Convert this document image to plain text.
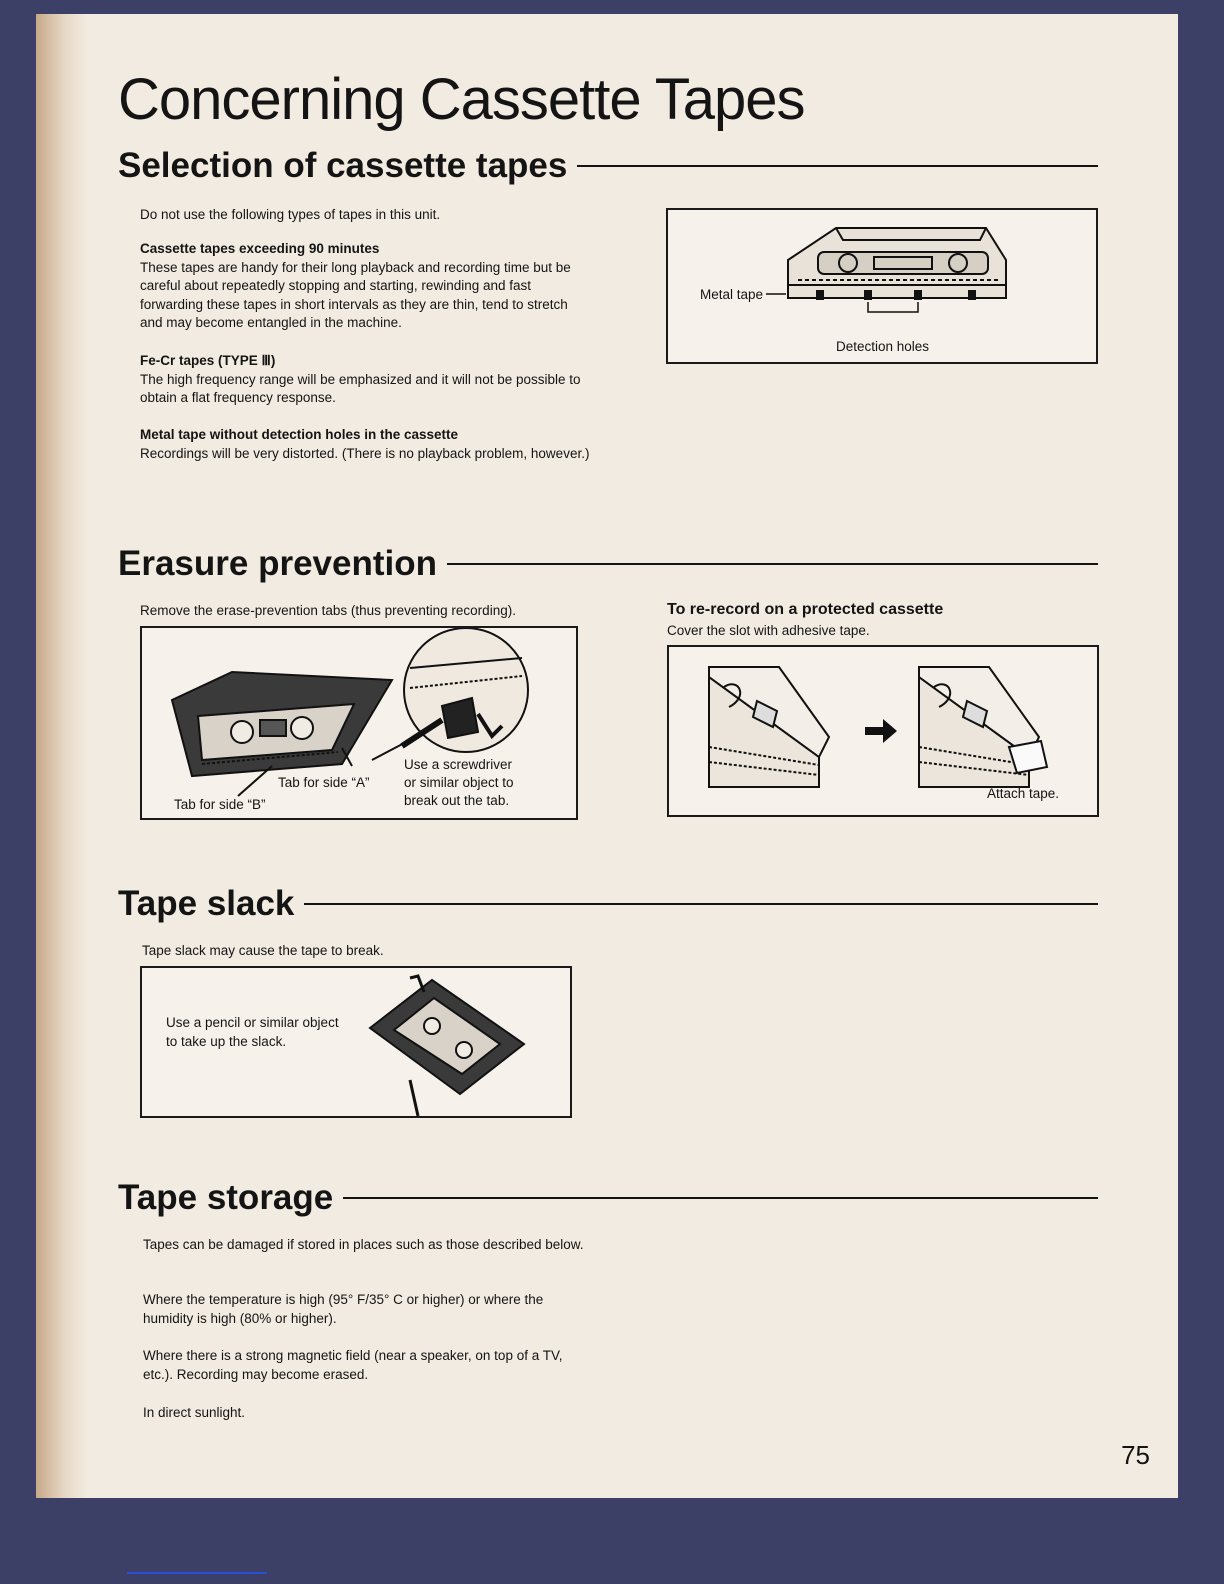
Concerning Cassette Tapes
Selection of cassette tapes
Do not use the following types of tapes in this unit.
Cassette tapes exceeding 90 minutes
These tapes are handy for their long playback and recording time but be careful about repeatedly stopping and starting, rewinding and fast forwarding these tapes in short intervals as they are thin, tend to stretch and may become entangled in the machine.
Fe-Cr tapes (TYPE Ⅲ)
The high frequency range will be emphasized and it will not be possible to obtain a flat frequency response.
Metal tape without detection holes in the cassette
Recordings will be very distorted. (There is no playback problem, however.)
Metal tape
Detection holes
Erasure prevention
Remove the erase-prevention tabs (thus preventing recording).
Use a screwdriver
or similar object to
break out the tab.
Tab for side “A”
Tab for side “B”
To re-record on a protected cassette
Cover the slot with adhesive tape.
Attach tape.
Tape slack
Tape slack may cause the tape to break.
Use a pencil or similar object to take up the slack.
Tape storage
Tapes can be damaged if stored in places such as those described below.
Where the temperature is high (95° F/35° C or higher) or where the humidity is high (80% or higher).
Where there is a strong magnetic field (near a speaker, on top of a TV, etc.). Recording may become erased.
In direct sunlight.
75
